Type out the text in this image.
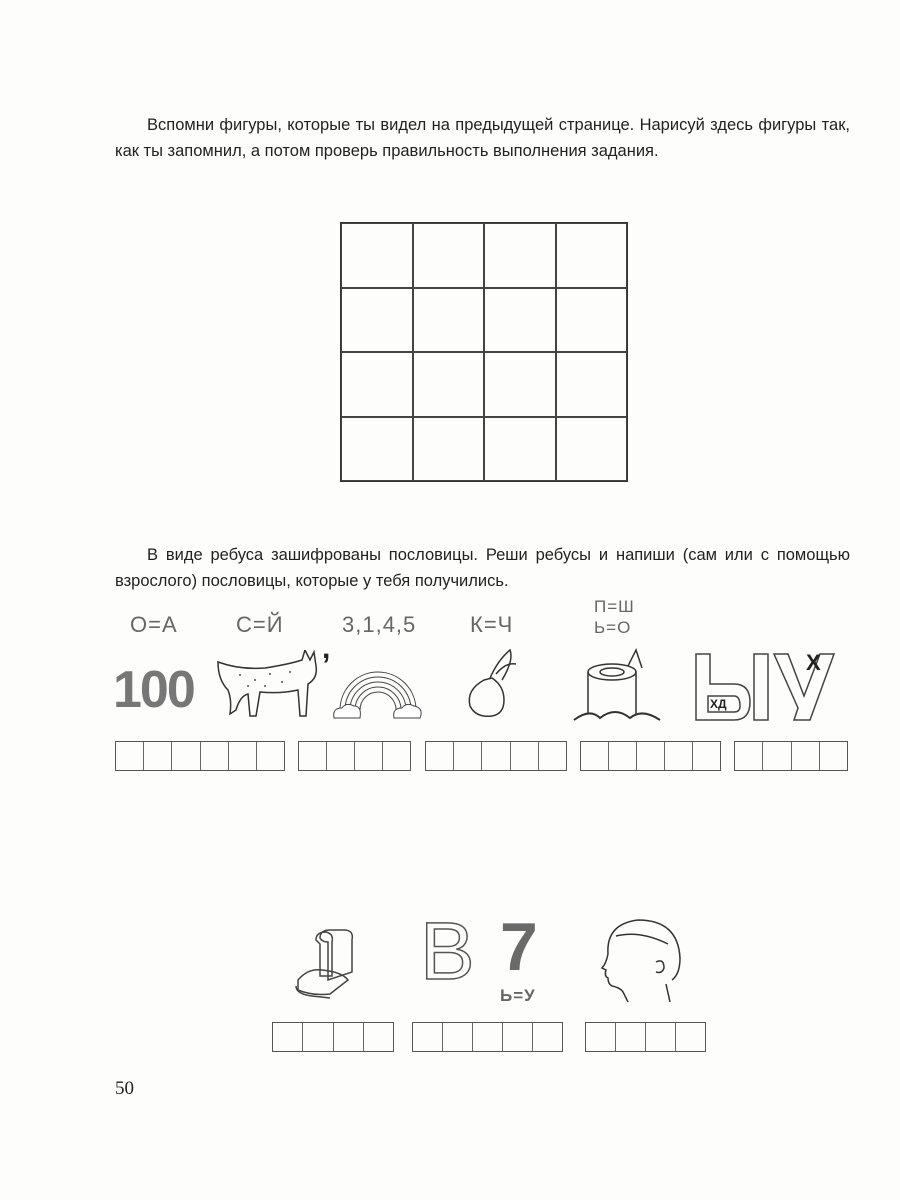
Вспомни фигуры, которые ты видел на предыдущей странице. Нарисуй здесь фигуры так, как ты запомнил, а потом проверь правильность выполнения задания.

В виде ребуса зашифрованы пословицы. Реши ребусы и напиши (сам или с помощью взрослого) пословицы, которые у тебя получились.

О=А	С=Й	3,1,4,5 К=Ч
П=Ш
Ь=О
100
,
ХД
Х
В 7
Ь=У
50
